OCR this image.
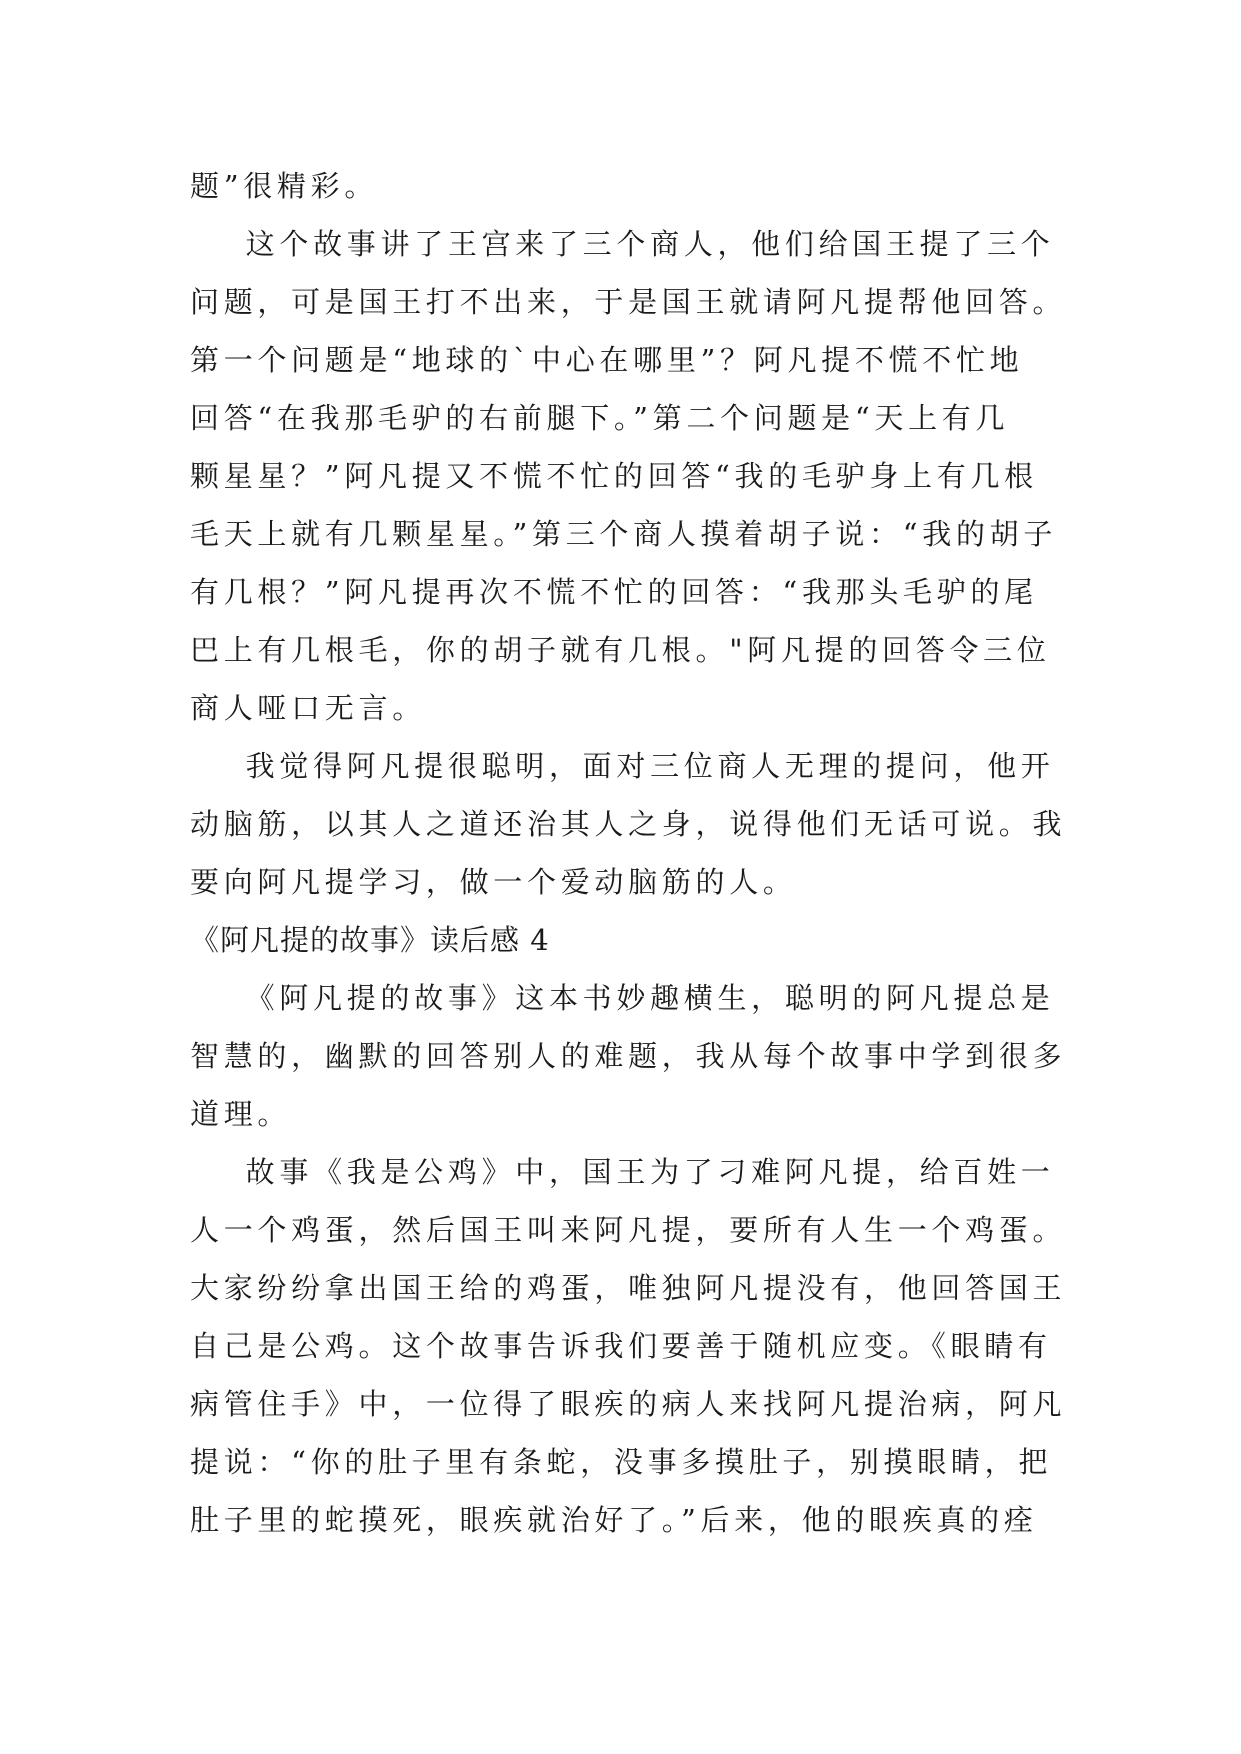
题”很精彩。

这个故事讲了王宫来了三个商人，他们给国王提了三个

问题，可是国王打不出来，于是国王就请阿凡提帮他回答。

第一个问题是“地球的`中心在哪里”？阿凡提不慌不忙地

回答“在我那毛驴的右前腿下。”第二个问题是“天上有几

颗星星？”阿凡提又不慌不忙的回答“我的毛驴身上有几根

毛天上就有几颗星星。”第三个商人摸着胡子说：“我的胡子

有几根？”阿凡提再次不慌不忙的回答：“我那头毛驴的尾

巴上有几根毛，你的胡子就有几根。"阿凡提的回答令三位

商人哑口无言。

我觉得阿凡提很聪明，面对三位商人无理的提问，他开

动脑筋，以其人之道还治其人之身，说得他们无话可说。我

要向阿凡提学习，做一个爱动脑筋的人。

《阿凡提的故事》读后感 4

《阿凡提的故事》这本书妙趣横生，聪明的阿凡提总是

智慧的，幽默的回答别人的难题，我从每个故事中学到很多

道理。

故事《我是公鸡》中，国王为了刁难阿凡提，给百姓一

人一个鸡蛋，然后国王叫来阿凡提，要所有人生一个鸡蛋。

大家纷纷拿出国王给的鸡蛋，唯独阿凡提没有，他回答国王

自己是公鸡。这个故事告诉我们要善于随机应变。《眼睛有

病管住手》中，一位得了眼疾的病人来找阿凡提治病，阿凡

提说：“你的肚子里有条蛇，没事多摸肚子，别摸眼睛，把

肚子里的蛇摸死，眼疾就治好了。”后来，他的眼疾真的痊
